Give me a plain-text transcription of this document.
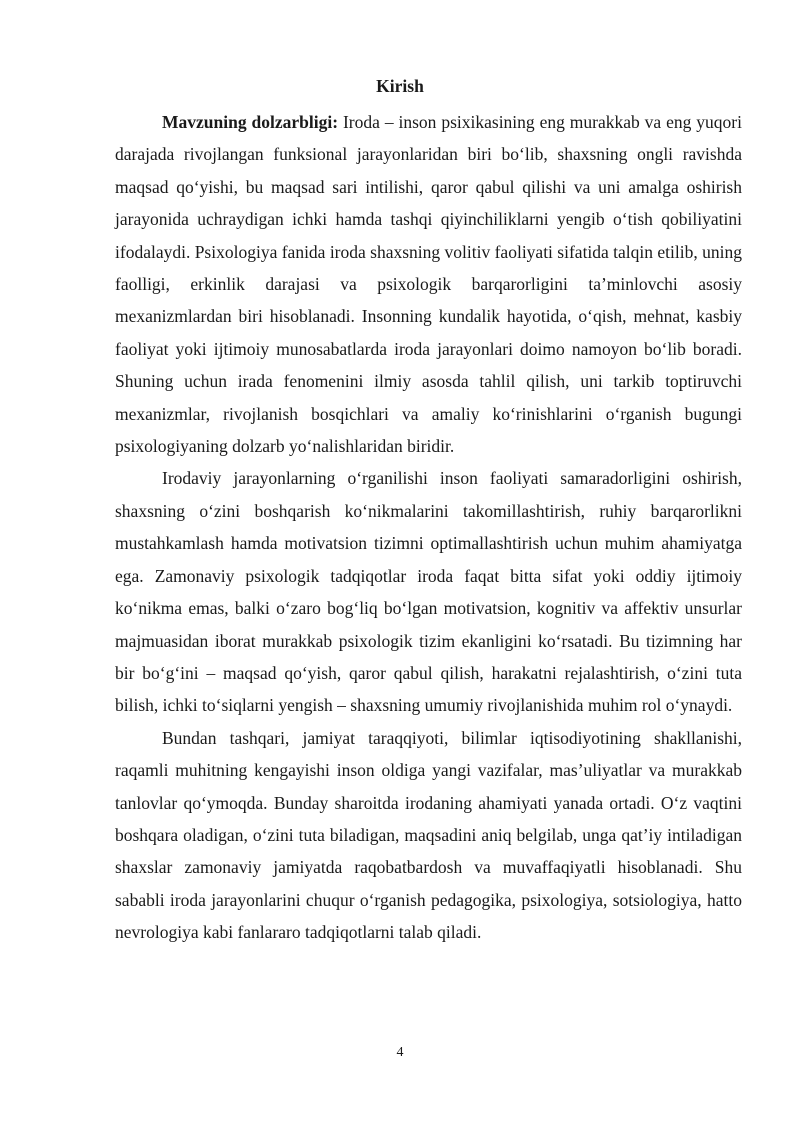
Kirish

Mavzuning dolzarbligi: Iroda – inson psixikasining eng murakkab va eng yuqori darajada rivojlangan funksional jarayonlaridan biri bo‘lib, shaxsning ongli ravishda maqsad qo‘yishi, bu maqsad sari intilishi, qaror qabul qilishi va uni amalga oshirish jarayonida uchraydigan ichki hamda tashqi qiyinchiliklarni yengib o‘tish qobiliyatini ifodalaydi. Psixologiya fanida iroda shaxsning volitiv faoliyati sifatida talqin etilib, uning faolligi, erkinlik darajasi va psixologik barqarorligini ta’minlovchi asosiy mexanizmlardan biri hisoblanadi. Insonning kundalik hayotida, o‘qish, mehnat, kasbiy faoliyat yoki ijtimoiy munosabatlarda iroda jarayonlari doimo namoyon bo‘lib boradi. Shuning uchun irada fenomenini ilmiy asosda tahlil qilish, uni tarkib toptiruvchi mexanizmlar, rivojlanish bosqichlari va amaliy ko‘rinishlarini o‘rganish bugungi psixologiyaning dolzarb yo‘nalishlaridan biridir.

Irodaviy jarayonlarning o‘rganilishi inson faoliyati samaradorligini oshirish, shaxsning o‘zini boshqarish ko‘nikmalarini takomillashtirish, ruhiy barqarorlikni mustahkamlash hamda motivatsion tizimni optimallashtirish uchun muhim ahamiyatga ega. Zamonaviy psixologik tadqiqotlar iroda faqat bitta sifat yoki oddiy ijtimoiy ko‘nikma emas, balki o‘zaro bog‘liq bo‘lgan motivatsion, kognitiv va affektiv unsurlar majmuasidan iborat murakkab psixologik tizim ekanligini ko‘rsatadi. Bu tizimning har bir bo‘g‘ini – maqsad qo‘yish, qaror qabul qilish, harakatni rejalashtirish, o‘zini tuta bilish, ichki to‘siqlarni yengish – shaxsning umumiy rivojlanishida muhim rol o‘ynaydi.

Bundan tashqari, jamiyat taraqqiyoti, bilimlar iqtisodiyotining shakllanishi, raqamli muhitning kengayishi inson oldiga yangi vazifalar, mas’uliyatlar va murakkab tanlovlar qo‘ymoqda. Bunday sharoitda irodaning ahamiyati yanada ortadi. O‘z vaqtini boshqara oladigan, o‘zini tuta biladigan, maqsadini aniq belgilab, unga qat’iy intiladigan shaxslar zamonaviy jamiyatda raqobatbardosh va muvaffaqiyatli hisoblanadi. Shu sababli iroda jarayonlarini chuqur o‘rganish pedagogika, psixologiya, sotsiologiya, hatto nevrologiya kabi fanlararo tadqiqotlarni talab qiladi.

4
